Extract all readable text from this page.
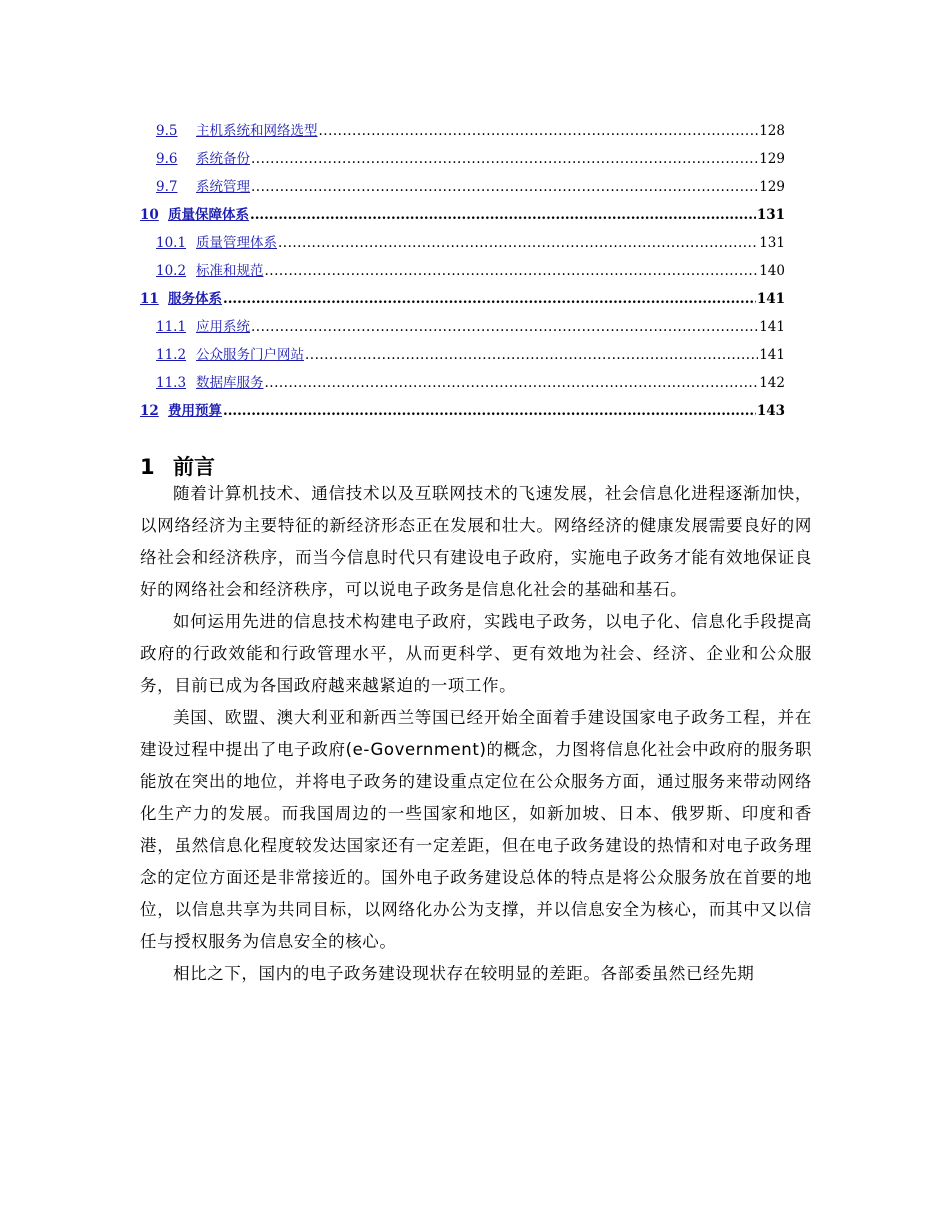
9.5	主机系统和网络选型 .....	128
9.6	系统备份 .....	129
9.7	系统管理 .....	129
10 质量保障体系 .....	131
10.1 质量管理体系 .....	131
10.2 标准和规范 .....	140
11 服务体系 .....	141
11.1 应用系统 .....	141
11.2 公众服务门户网站 .....	141
11.3 数据库服务 .....	142
12 费用预算 .....	143
1 前言

随着计算机技术、通信技术以及互联网技术的飞速发展，社会信息化进程逐渐加快，以网络经济为主要特征的新经济形态正在发展和壮大。网络经济的健康发展需要良好的网络社会和经济秩序，而当今信息时代只有建设电子政府，实施电子政务才能有效地保证良好的网络社会和经济秩序，可以说电子政务是信息化社会的基础和基石。

如何运用先进的信息技术构建电子政府，实践电子政务，以电子化、信息化手段提高政府的行政效能和行政管理水平，从而更科学、更有效地为社会、经济、企业和公众服务，目前已成为各国政府越来越紧迫的一项工作。

美国、欧盟、澳大利亚和新西兰等国已经开始全面着手建设国家电子政务工程，并在建设过程中提出了电子政府(e-Government)的概念，力图将信息化社会中政府的服务职能放在突出的地位，并将电子政务的建设重点定位在公众服务方面，通过服务来带动网络化生产力的发展。而我国周边的一些国家和地区，如新加坡、日本、俄罗斯、印度和香港，虽然信息化程度较发达国家还有一定差距，但在电子政务建设的热情和对电子政务理念的定位方面还是非常接近的。国外电子政务建设总体的特点是将公众服务放在首要的地位，以信息共享为共同目标，以网络化办公为支撑，并以信息安全为核心，而其中又以信任与授权服务为信息安全的核心。

相比之下，国内的电子政务建设现状存在较明显的差距。各部委虽然已经先期
